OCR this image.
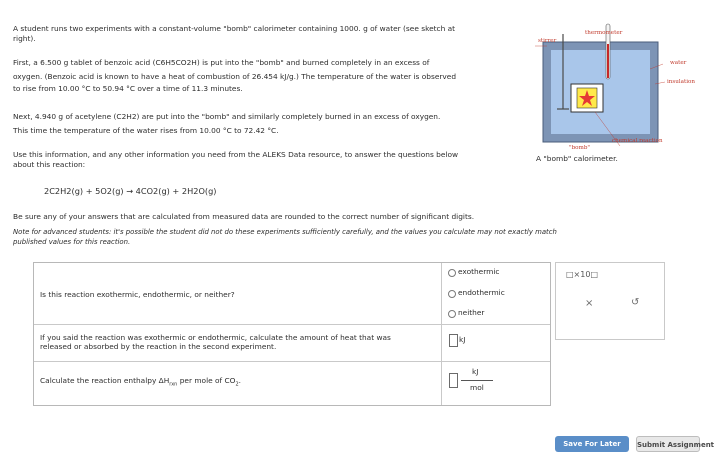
A student runs two experiments with a constant-volume "bomb" calorimeter containing 1000. g of water (see sketch at
right).
First, a 6.500 g tablet of benzoic acid (C6H5CO2H) is put into the "bomb" and burned completely in an excess of
oxygen. (Benzoic acid is known to have a heat of combustion of 26.454 kJ/g.) The temperature of the water is observed
to rise from 10.00 °C to 50.94 °C over a time of 11.3 minutes.
Next, 4.940 g of acetylene (C2H2) are put into the "bomb" and similarly completely burned in an excess of oxygen.
This time the temperature of the water rises from 10.00 °C to 72.42 °C.
Use this information, and any other information you need from the ALEKS Data resource, to answer the questions below
about this reaction:
2C2H2(g) + 5O2(g) → 4CO2(g) + 2H2O(g)
Be sure any of your answers that are calculated from measured data are rounded to the correct number of significant digits.
Note for advanced students: it's possible the student did not do these experiments sufficiently carefully, and the values you calculate may not exactly match
published values for this reaction.
stirrer
thermometer
water
insulation
chemical reaction
"bomb"
A "bomb" calorimeter.
Is this reaction exothermic, endothermic, or neither?
exothermic
endothermic
neither
If you said the reaction was exothermic or endothermic, calculate the amount of heat that was
released or absorbed by the reaction in the second experiment.
kJ
Calculate the reaction enthalpy $\Delta H_{rxn}$ per mole of $CO_2$.
kJ
mol
□×10□
×	↺
Save For Later	Submit Assignment
